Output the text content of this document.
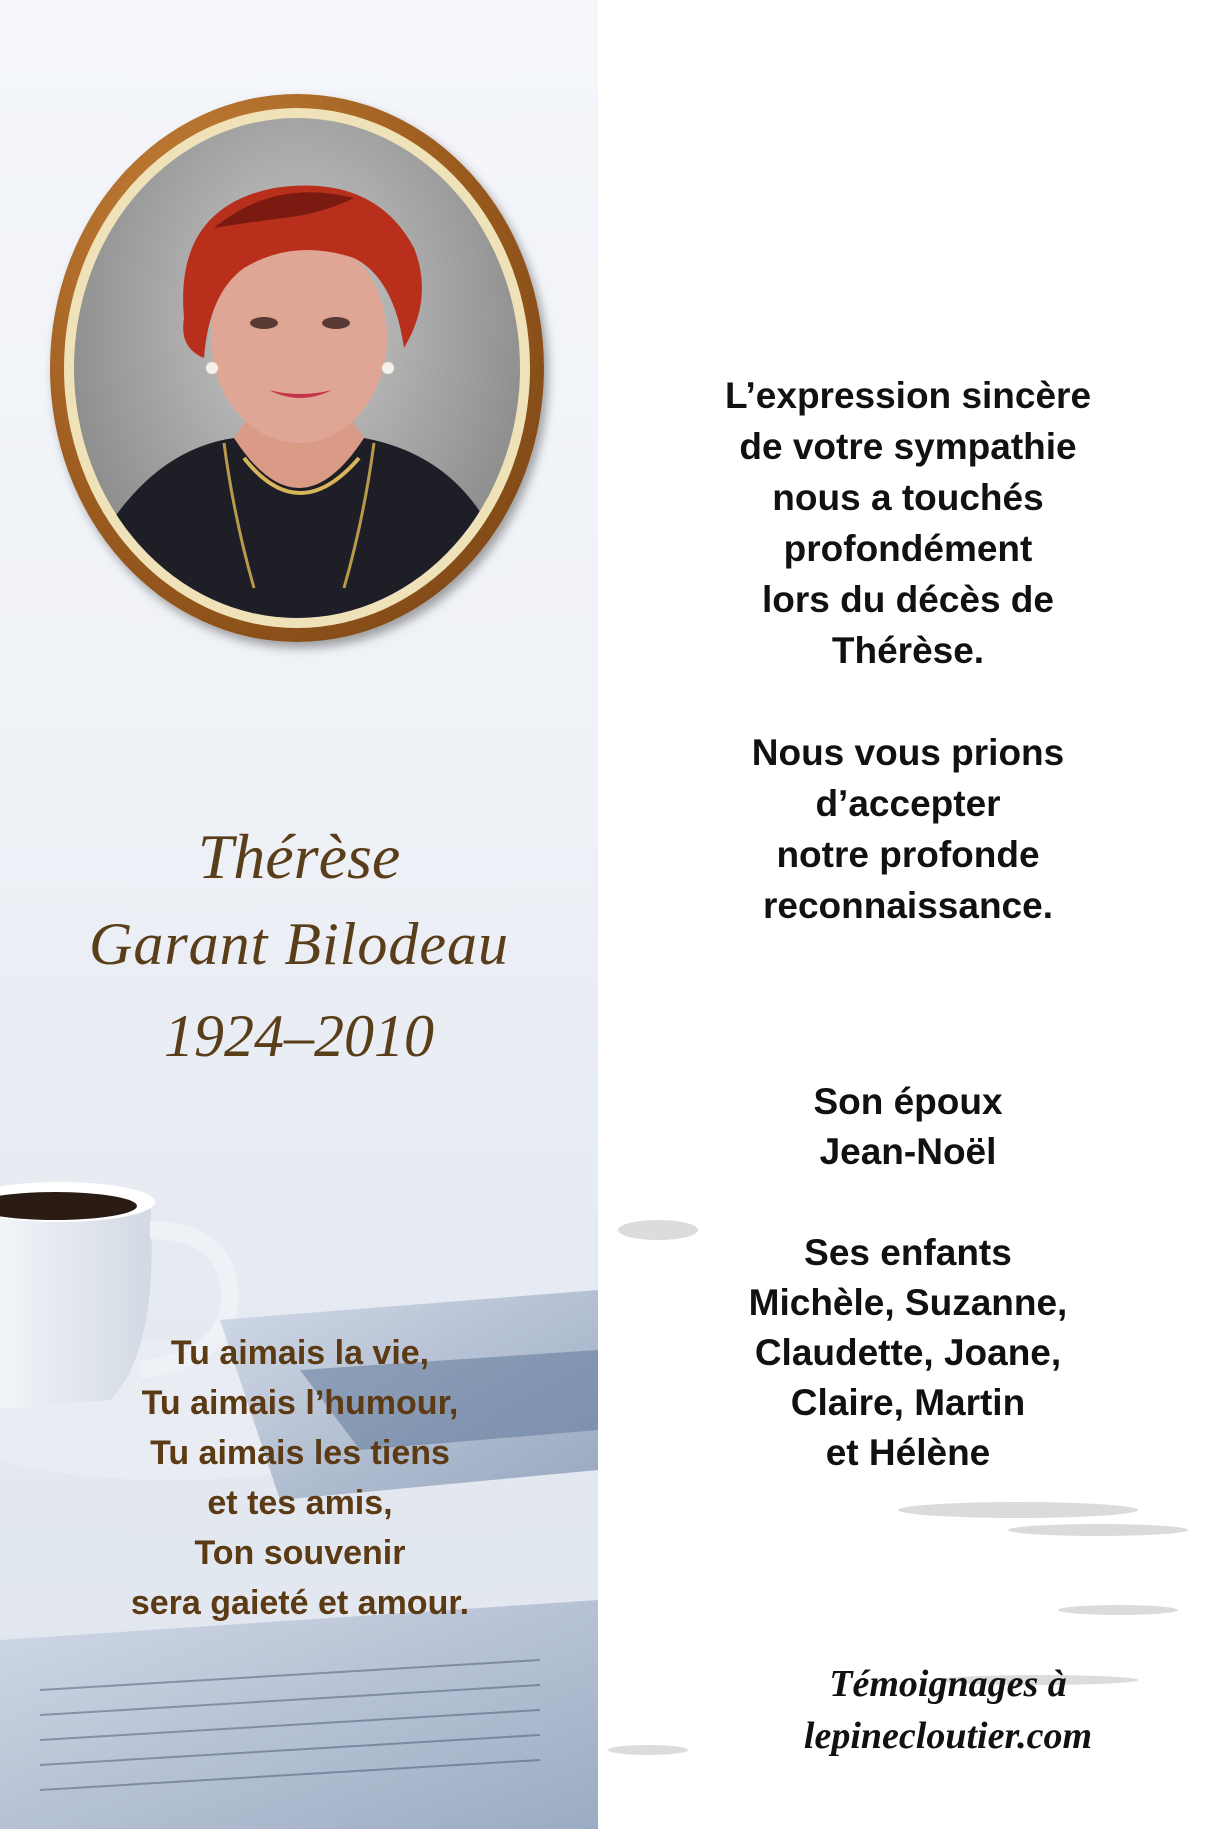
Thérèse
Garant Bilodeau
1924–2010
Tu aimais la vie,
Tu aimais l’humour,
Tu aimais les tiens
et tes amis,
Ton souvenir
sera gaieté et amour.
L’expression sincère
de votre sympathie
nous a touchés
profondément
lors du décès de
Thérèse.
Nous vous prions
d’accepter
notre profonde
reconnaissance.
Son époux
Jean-Noël
Ses enfants
Michèle, Suzanne,
Claudette, Joane,
Claire, Martin
et Hélène
Témoignages à
lepinecloutier.com
